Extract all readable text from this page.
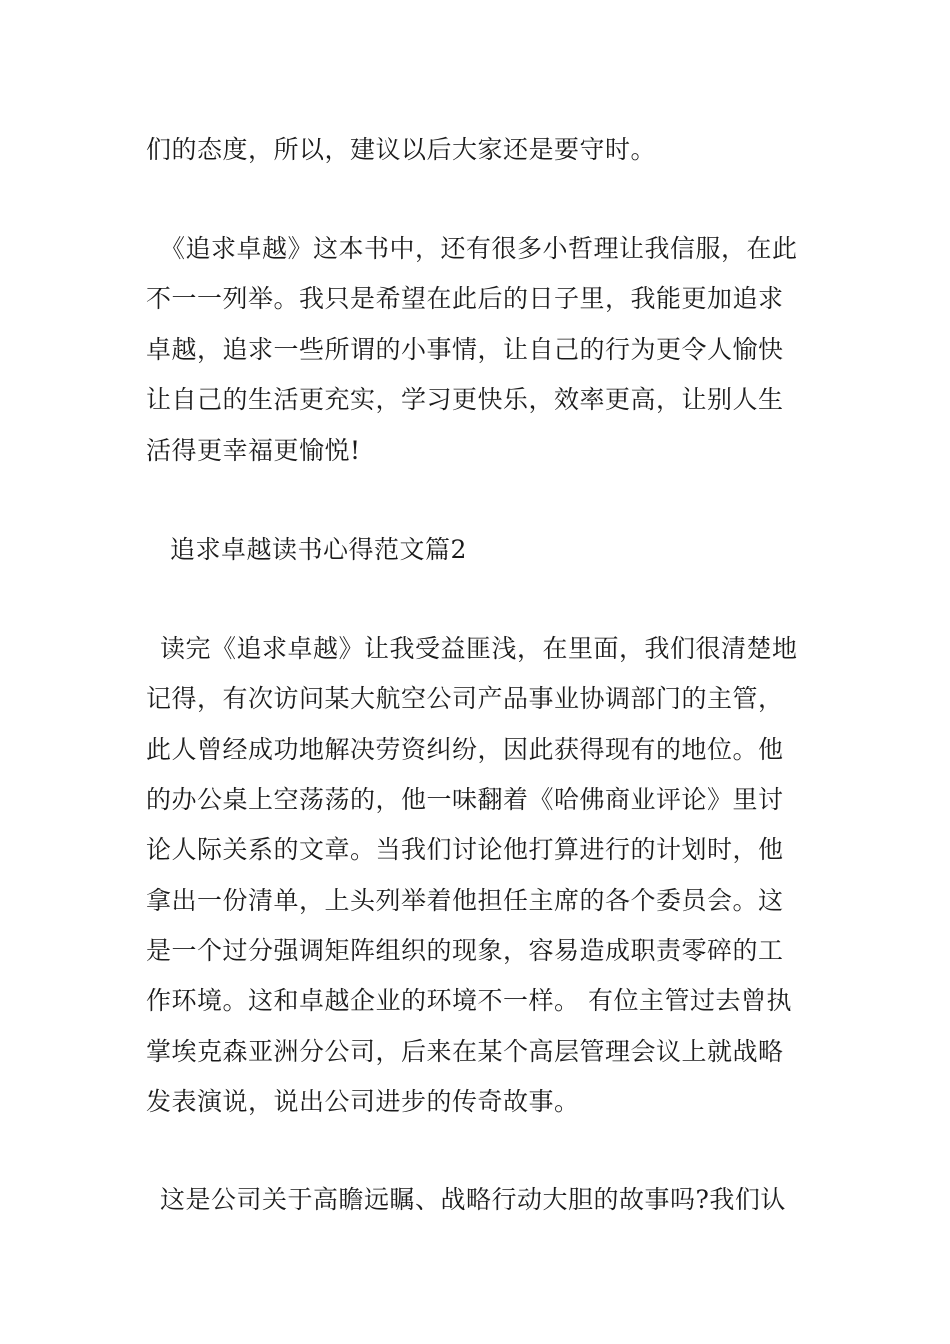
们的态度，所以，建议以后大家还是要守时。
《追求卓越》这本书中，还有很多小哲理让我信服，在此
不一一列举。我只是希望在此后的日子里，我能更加追求
卓越，追求一些所谓的小事情，让自己的行为更令人愉快
让自己的生活更充实，学习更快乐，效率更高，让别人生
活得更幸福更愉悦!
追求卓越读书心得范文篇2
读完《追求卓越》让我受益匪浅，在里面，我们很清楚地
记得，有次访问某大航空公司产品事业协调部门的主管，
此人曾经成功地解决劳资纠纷，因此获得现有的地位。他
的办公桌上空荡荡的，他一味翻着《哈佛商业评论》里讨
论人际关系的文章。当我们讨论他打算进行的计划时，他
拿出一份清单，上头列举着他担任主席的各个委员会。这
是一个过分强调矩阵组织的现象，容易造成职责零碎的工
作环境。这和卓越企业的环境不一样。 有位主管过去曾执
掌埃克森亚洲分公司，后来在某个高层管理会议上就战略
发表演说，说出公司进步的传奇故事。
这是公司关于高瞻远瞩、战略行动大胆的故事吗?我们认
